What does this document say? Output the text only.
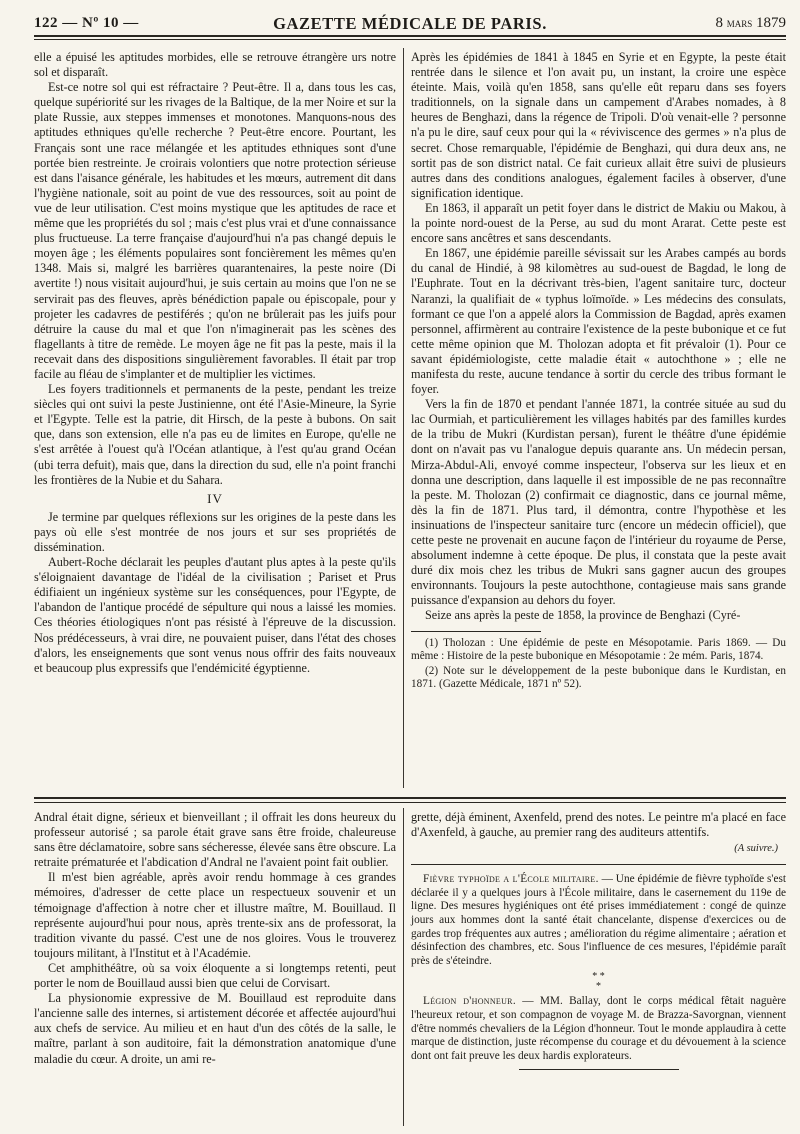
122 — Nº 10 —	GAZETTE MÉDICALE DE PARIS.	8 mars 1879

elle a épuisé les aptitudes morbides, elle se retrouve étrangère urs notre sol et disparaît.

Est-ce notre sol qui est réfractaire ? Peut-être. Il a, dans tous les cas, quelque supériorité sur les rivages de la Baltique, de la mer Noire et sur la plate Russie, aux steppes immenses et monotones. Manquons-nous des aptitudes ethniques qu'elle recherche ? Peut-être encore. Pourtant, les Français sont une race mélangée et les aptitudes ethniques sont d'une portée bien restreinte. Je croirais volontiers que notre protection sérieuse est dans l'aisance générale, les habitudes et les mœurs, autrement dit dans l'hygiène nationale, soit au point de vue des ressources, soit au point de vue de leur utilisation. C'est moins mystique que les aptitudes de race et même que les propriétés du sol ; mais c'est plus vrai et d'une connaissance plus fructueuse. La terre française d'aujourd'hui n'a pas changé depuis le moyen âge ; les éléments populaires sont foncièrement les mêmes qu'en 1348. Mais si, malgré les barrières quarantenaires, la peste noire (Di avertite !) nous visitait aujourd'hui, je suis certain au moins que l'on ne se servirait pas des fleuves, après bénédiction papale ou épiscopale, pour y projeter les cadavres de pestiférés ; qu'on ne brûlerait pas les juifs pour détruire la cause du mal et que l'on n'imaginerait pas les scènes des flagellants à titre de remède. Le moyen âge ne fit pas la peste, mais il la recevait dans des dispositions singulièrement favorables. Il était par trop facile au fléau de s'implanter et de multiplier les victimes.

Les foyers traditionnels et permanents de la peste, pendant les treize siècles qui ont suivi la peste Justinienne, ont été l'Asie-Mineure, la Syrie et l'Egypte. Telle est la patrie, dit Hirsch, de la peste à bubons. On sait que, dans son extension, elle n'a pas eu de limites en Europe, qu'elle ne s'est arrêtée à l'ouest qu'à l'Océan atlantique, à l'est qu'au grand Océan (ubi terra defuit), mais que, dans la direction du sud, elle n'a point franchi les frontières de la Nubie et du Sahara.

IV

Je termine par quelques réflexions sur les origines de la peste dans les pays où elle s'est montrée de nos jours et sur ses propriétés de dissémination.

Aubert-Roche déclarait les peuples d'autant plus aptes à la peste qu'ils s'éloignaient davantage de l'idéal de la civilisation ; Pariset et Prus édifiaient un ingénieux système sur les conséquences, pour l'Egypte, de l'abandon de l'antique procédé de sépulture qui nous a laissé les momies. Ces théories étiologiques n'ont pas résisté à l'épreuve de la discussion. Nos prédécesseurs, à vrai dire, ne pouvaient puiser, dans l'état des choses d'alors, les enseignements que sont venus nous offrir des faits nouveaux et beaucoup plus expressifs que l'endémicité égyptienne.

Après les épidémies de 1841 à 1845 en Syrie et en Egypte, la peste était rentrée dans le silence et l'on avait pu, un instant, la croire une espèce éteinte. Mais, voilà qu'en 1858, sans qu'elle eût reparu dans ses foyers traditionnels, on la signale dans un campement d'Arabes nomades, à 8 heures de Benghazi, dans la régence de Tripoli. D'où venait-elle ? personne n'a pu le dire, sauf ceux pour qui la « réviviscence des germes » n'a plus de secret. Chose remarquable, l'épidémie de Benghazi, qui dura deux ans, ne sortit pas de son district natal. Ce fait curieux allait être suivi de plusieurs autres dans des conditions analogues, également faciles à observer, d'une signification identique.

En 1863, il apparaît un petit foyer dans le district de Makiu ou Makou, à la pointe nord-ouest de la Perse, au sud du mont Ararat. Cette peste est encore sans ancêtres et sans descendants.

En 1867, une épidémie pareille sévissait sur les Arabes campés au bords du canal de Hindié, à 98 kilomètres au sud-ouest de Bagdad, le long de l'Euphrate. Tout en la décrivant très-bien, l'agent sanitaire turc, docteur Naranzi, la qualifiait de « typhus loïmoïde. » Les médecins des consulats, formant ce que l'on a appelé alors la Commission de Bagdad, après examen personnel, affirmèrent au contraire l'existence de la peste bubonique et ce fut cette même opinion que M. Tholozan adopta et fit prévaloir (1). Pour ce savant épidémiologiste, cette maladie était « autochthone » ; elle ne manifesta du reste, aucune tendance à sortir du cercle des tribus formant le foyer.

Vers la fin de 1870 et pendant l'année 1871, la contrée située au sud du lac Ourmiah, et particulièrement les villages habités par des familles kurdes de la tribu de Mukri (Kurdistan persan), furent le théâtre d'une épidémie dont on n'avait pas vu l'analogue depuis quarante ans. Un médecin persan, Mirza-Abdul-Ali, envoyé comme inspecteur, l'observa sur les lieux et en donna une description, dans laquelle il est impossible de ne pas reconnaître la peste. M. Tholozan (2) confirmait ce diagnostic, dans ce journal même, dès la fin de 1871. Plus tard, il démontra, contre l'hypothèse et les insinuations de l'inspecteur sanitaire turc (encore un médecin officiel), que cette peste ne provenait en aucune façon de l'intérieur du royaume de Perse, absolument indemne à cette époque. De plus, il constata que la peste avait duré dix mois chez les tribus de Mukri sans gagner aucun des groupes environnants. Toujours la peste autochthone, contagieuse mais sans grande puissance d'expansion au dehors du foyer.

Seize ans après la peste de 1858, la province de Benghazi (Cyré-

(1) Tholozan : Une épidémie de peste en Mésopotamie. Paris 1869. — Du même : Histoire de la peste bubonique en Mésopotamie : 2e mém. Paris, 1874.

(2) Note sur le développement de la peste bubonique dans le Kurdistan, en 1871. (Gazette Médicale, 1871 nº 52).

Andral était digne, sérieux et bienveillant ; il offrait les dons heureux du professeur autorisé ; sa parole était grave sans être froide, chaleureuse sans être déclamatoire, sobre sans sécheresse, élevée sans être obscure. La retraite prématurée et l'abdication d'Andral ne l'avaient point fait oublier.

Il m'est bien agréable, après avoir rendu hommage à ces grandes mémoires, d'adresser de cette place un respectueux souvenir et un témoignage d'affection à notre cher et illustre maître, M. Bouillaud. Il représente aujourd'hui pour nous, après trente-six ans de professorat, la tradition vivante du passé. C'est une de nos gloires. Vous le trouverez toujours militant, à l'Institut et à l'Académie.

Cet amphithéâtre, où sa voix éloquente a si longtemps retenti, peut porter le nom de Bouillaud aussi bien que celui de Corvisart.

La physionomie expressive de M. Bouillaud est reproduite dans l'ancienne salle des internes, si artistement décorée et affectée aujourd'hui aux chefs de service. Au milieu et en haut d'un des côtés de la salle, le maître, parlant à son auditoire, fait la démonstration anatomique d'une maladie du cœur. A droite, un ami re-

grette, déjà éminent, Axenfeld, prend des notes. Le peintre m'a placé en face d'Axenfeld, à gauche, au premier rang des auditeurs attentifs.

(A suivre.)

Fièvre typhoïde a l'École militaire. — Une épidémie de fièvre typhoïde s'est déclarée il y a quelques jours à l'École militaire, dans le casernement du 119e de ligne. Des mesures hygiéniques ont été prises immédiatement : congé de quinze jours aux hommes dont la santé était chancelante, dispense d'exercices ou de gardes trop fréquentes aux autres ; amélioration du régime alimentaire ; aération et désinfection des chambres, etc. Sous l'influence de ces mesures, l'épidémie paraît près de s'éteindre.

* *
*

Légion d'honneur. — MM. Ballay, dont le corps médical fêtait naguère l'heureux retour, et son compagnon de voyage M. de Brazza-Savorgnan, viennent d'être nommés chevaliers de la Légion d'honneur. Tout le monde applaudira à cette marque de distinction, juste récompense du courage et du dévouement à la science dont ont fait preuve les deux hardis explorateurs.
